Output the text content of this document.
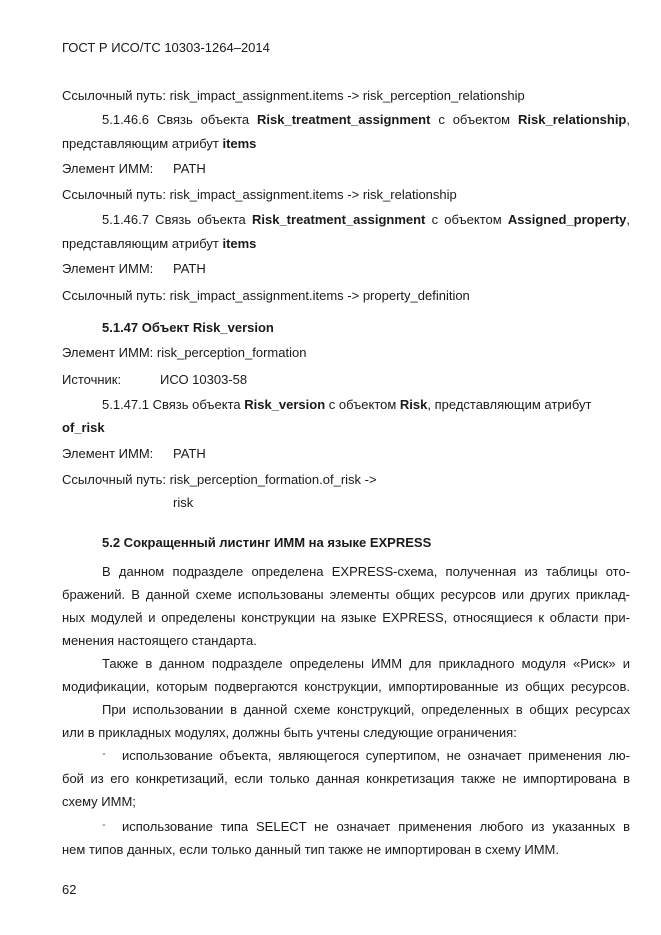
ГОСТ Р ИСО/ТС 10303-1264–2014
Ссылочный путь: risk_impact_assignment.items -> risk_perception_relationship
5.1.46.6 Связь объекта Risk_treatment_assignment с объектом Risk_relationship,
представляющим атрибут items
Элемент ИММ: PATH
Ссылочный путь: risk_impact_assignment.items -> risk_relationship
5.1.46.7 Связь объекта Risk_treatment_assignment с объектом Assigned_property,
представляющим атрибут items
Элемент ИММ: PATH
Ссылочный путь: risk_impact_assignment.items -> property_definition
5.1.47 Объект Risk_version
Элемент ИММ: risk_perception_formation
Источник:	ИСО 10303-58
5.1.47.1 Связь объекта Risk_version с объектом Risk, представляющим атрибут
of_risk
Элемент ИММ: PATH
Ссылочный путь: risk_perception_formation.of_risk ->
risk
5.2 Сокращенный листинг ИММ на языке EXPRESS
В данном подразделе определена EXPRESS-схема, полученная из таблицы ото-
бражений. В данной схеме использованы элементы общих ресурсов или других приклад-
ных модулей и определены конструкции на языке EXPRESS, относящиеся к области при-
менения настоящего стандарта.
Также в данном подразделе определены ИММ для прикладного модуля «Риск» и
модификации, которым подвергаются конструкции, импортированные из общих ресурсов.
При использовании в данной схеме конструкций, определенных в общих ресурсах
или в прикладных модулях, должны быть учтены следующие ограничения:
- использование объекта, являющегося супертипом, не означает применения лю-
бой из его конкретизаций, если только данная конкретизация также не импортирована в
схему ИММ;
- использование типа SELECT не означает применения любого из указанных в
нем типов данных, если только данный тип также не импортирован в схему ИММ.
62
